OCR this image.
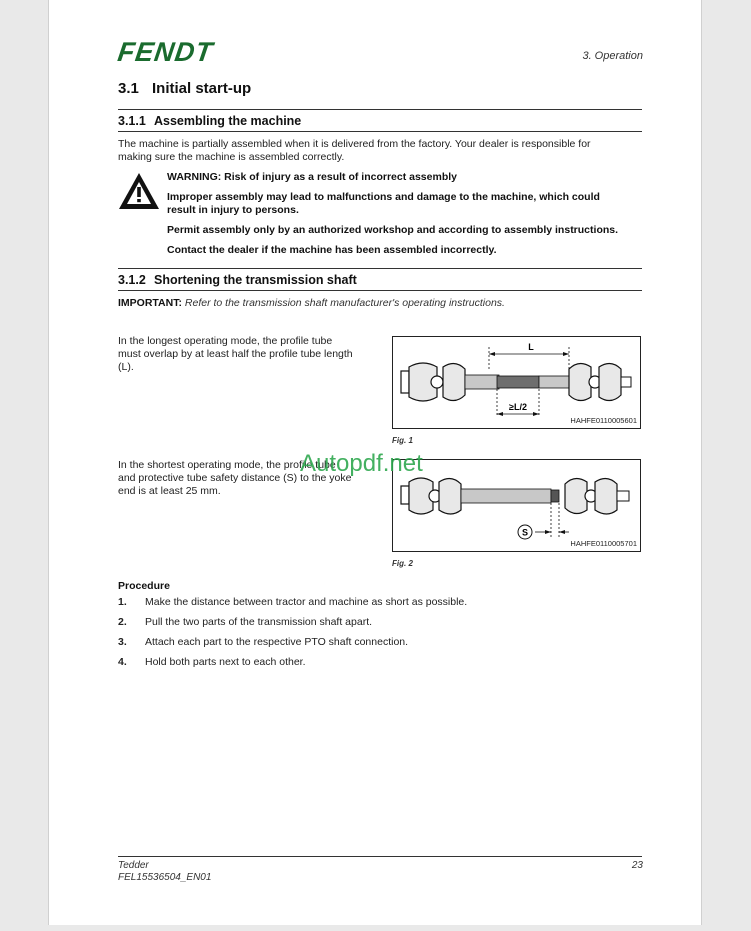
FENDT	3. Operation
3.1 Initial start-up
3.1.1 Assembling the machine
The machine is partially assembled when it is delivered from the factory. Your dealer is responsible for
making sure the machine is assembled correctly.
WARNING: Risk of injury as a result of incorrect assembly
Improper assembly may lead to malfunctions and damage to the machine, which could
result in injury to persons.
Permit assembly only by an authorized workshop and according to assembly instructions.
Contact the dealer if the machine has been assembled incorrectly.
3.1.2 Shortening the transmission shaft
IMPORTANT: Refer to the transmission shaft manufacturer's operating instructions.
In the longest operating mode, the profile tube
must overlap by at least half the profile tube length
(L).
L
≥L/2
HAHFE0110005601
Fig. 1
In the shortest operating mode, the profile tube
and protective tube safety distance (S) to the yoke
end is at least 25 mm.
S
HAHFE0110005701
Fig. 2
Autopdf.net
Procedure
1. Make the distance between tractor and machine as short as possible.
2. Pull the two parts of the transmission shaft apart.
3. Attach each part to the respective PTO shaft connection.
4. Hold both parts next to each other.
Tedder
FEL15536504_EN01
23
